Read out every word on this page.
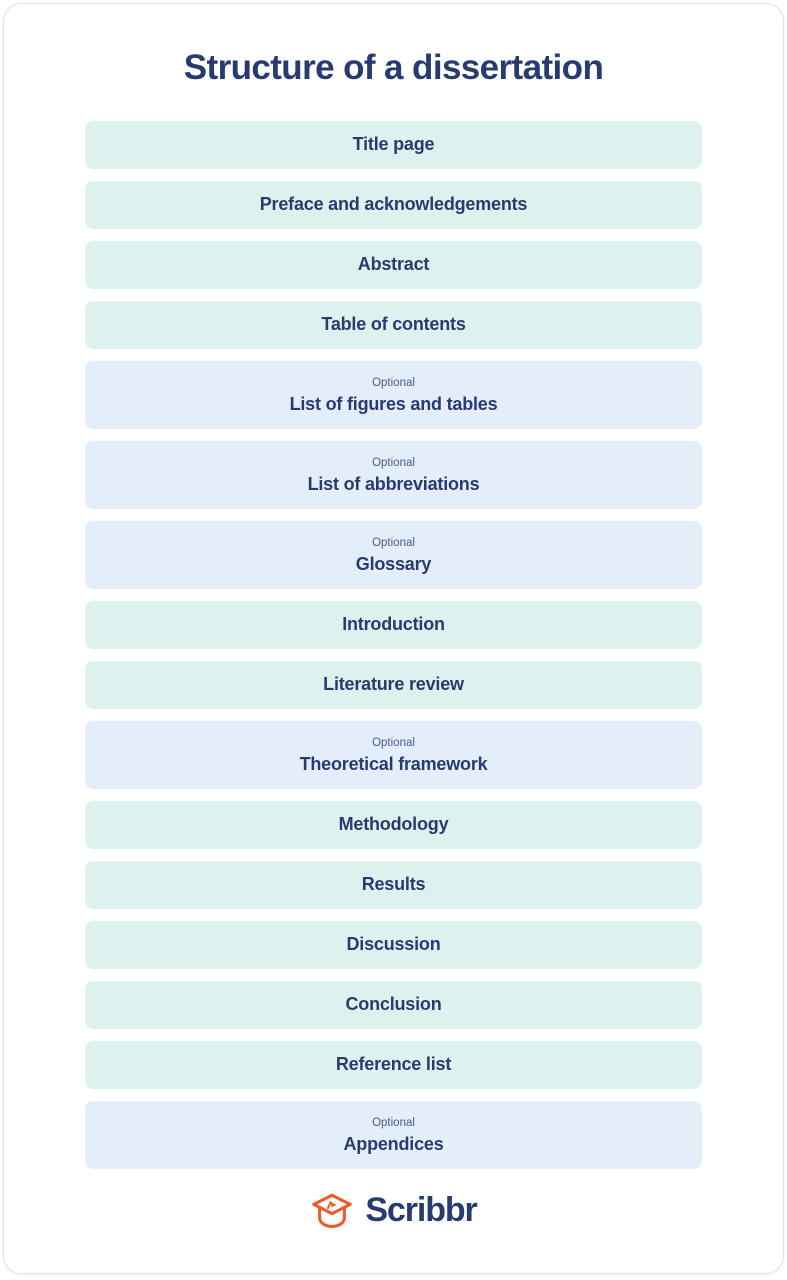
Structure of a dissertation
Title page
Preface and acknowledgements
Abstract
Table of contents
Optional
List of figures and tables
Optional
List of abbreviations
Optional
Glossary
Introduction
Literature review
Optional
Theoretical framework
Methodology
Results
Discussion
Conclusion
Reference list
Optional
Appendices
Scribbr
